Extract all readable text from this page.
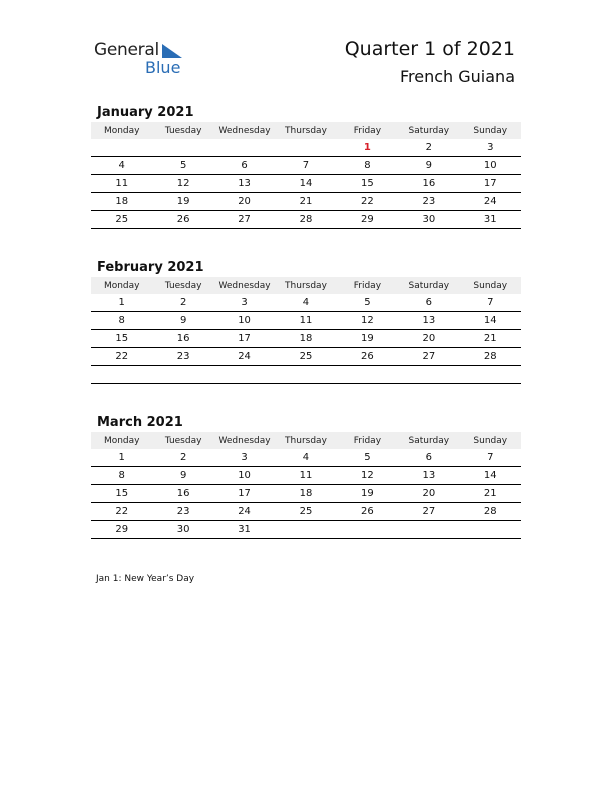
General
Blue
Quarter 1 of 2021
French Guiana
January 2021
Monday	Tuesday	Wednesday	Thursday	Friday	Saturday	Sunday
				1	2	3
4	5	6	7	8	9	10
11	12	13	14	15	16	17
18	19	20	21	22	23	24
25	26	27	28	29	30	31
February 2021
Monday	Tuesday	Wednesday	Thursday	Friday	Saturday	Sunday
1	2	3	4	5	6	7
8	9	10	11	12	13	14
15	16	17	18	19	20	21
22	23	24	25	26	27	28

March 2021
Monday	Tuesday	Wednesday	Thursday	Friday	Saturday	Sunday
1	2	3	4	5	6	7
8	9	10	11	12	13	14
15	16	17	18	19	20	21
22	23	24	25	26	27	28
29	30	31				
Jan 1: New Year’s Day
